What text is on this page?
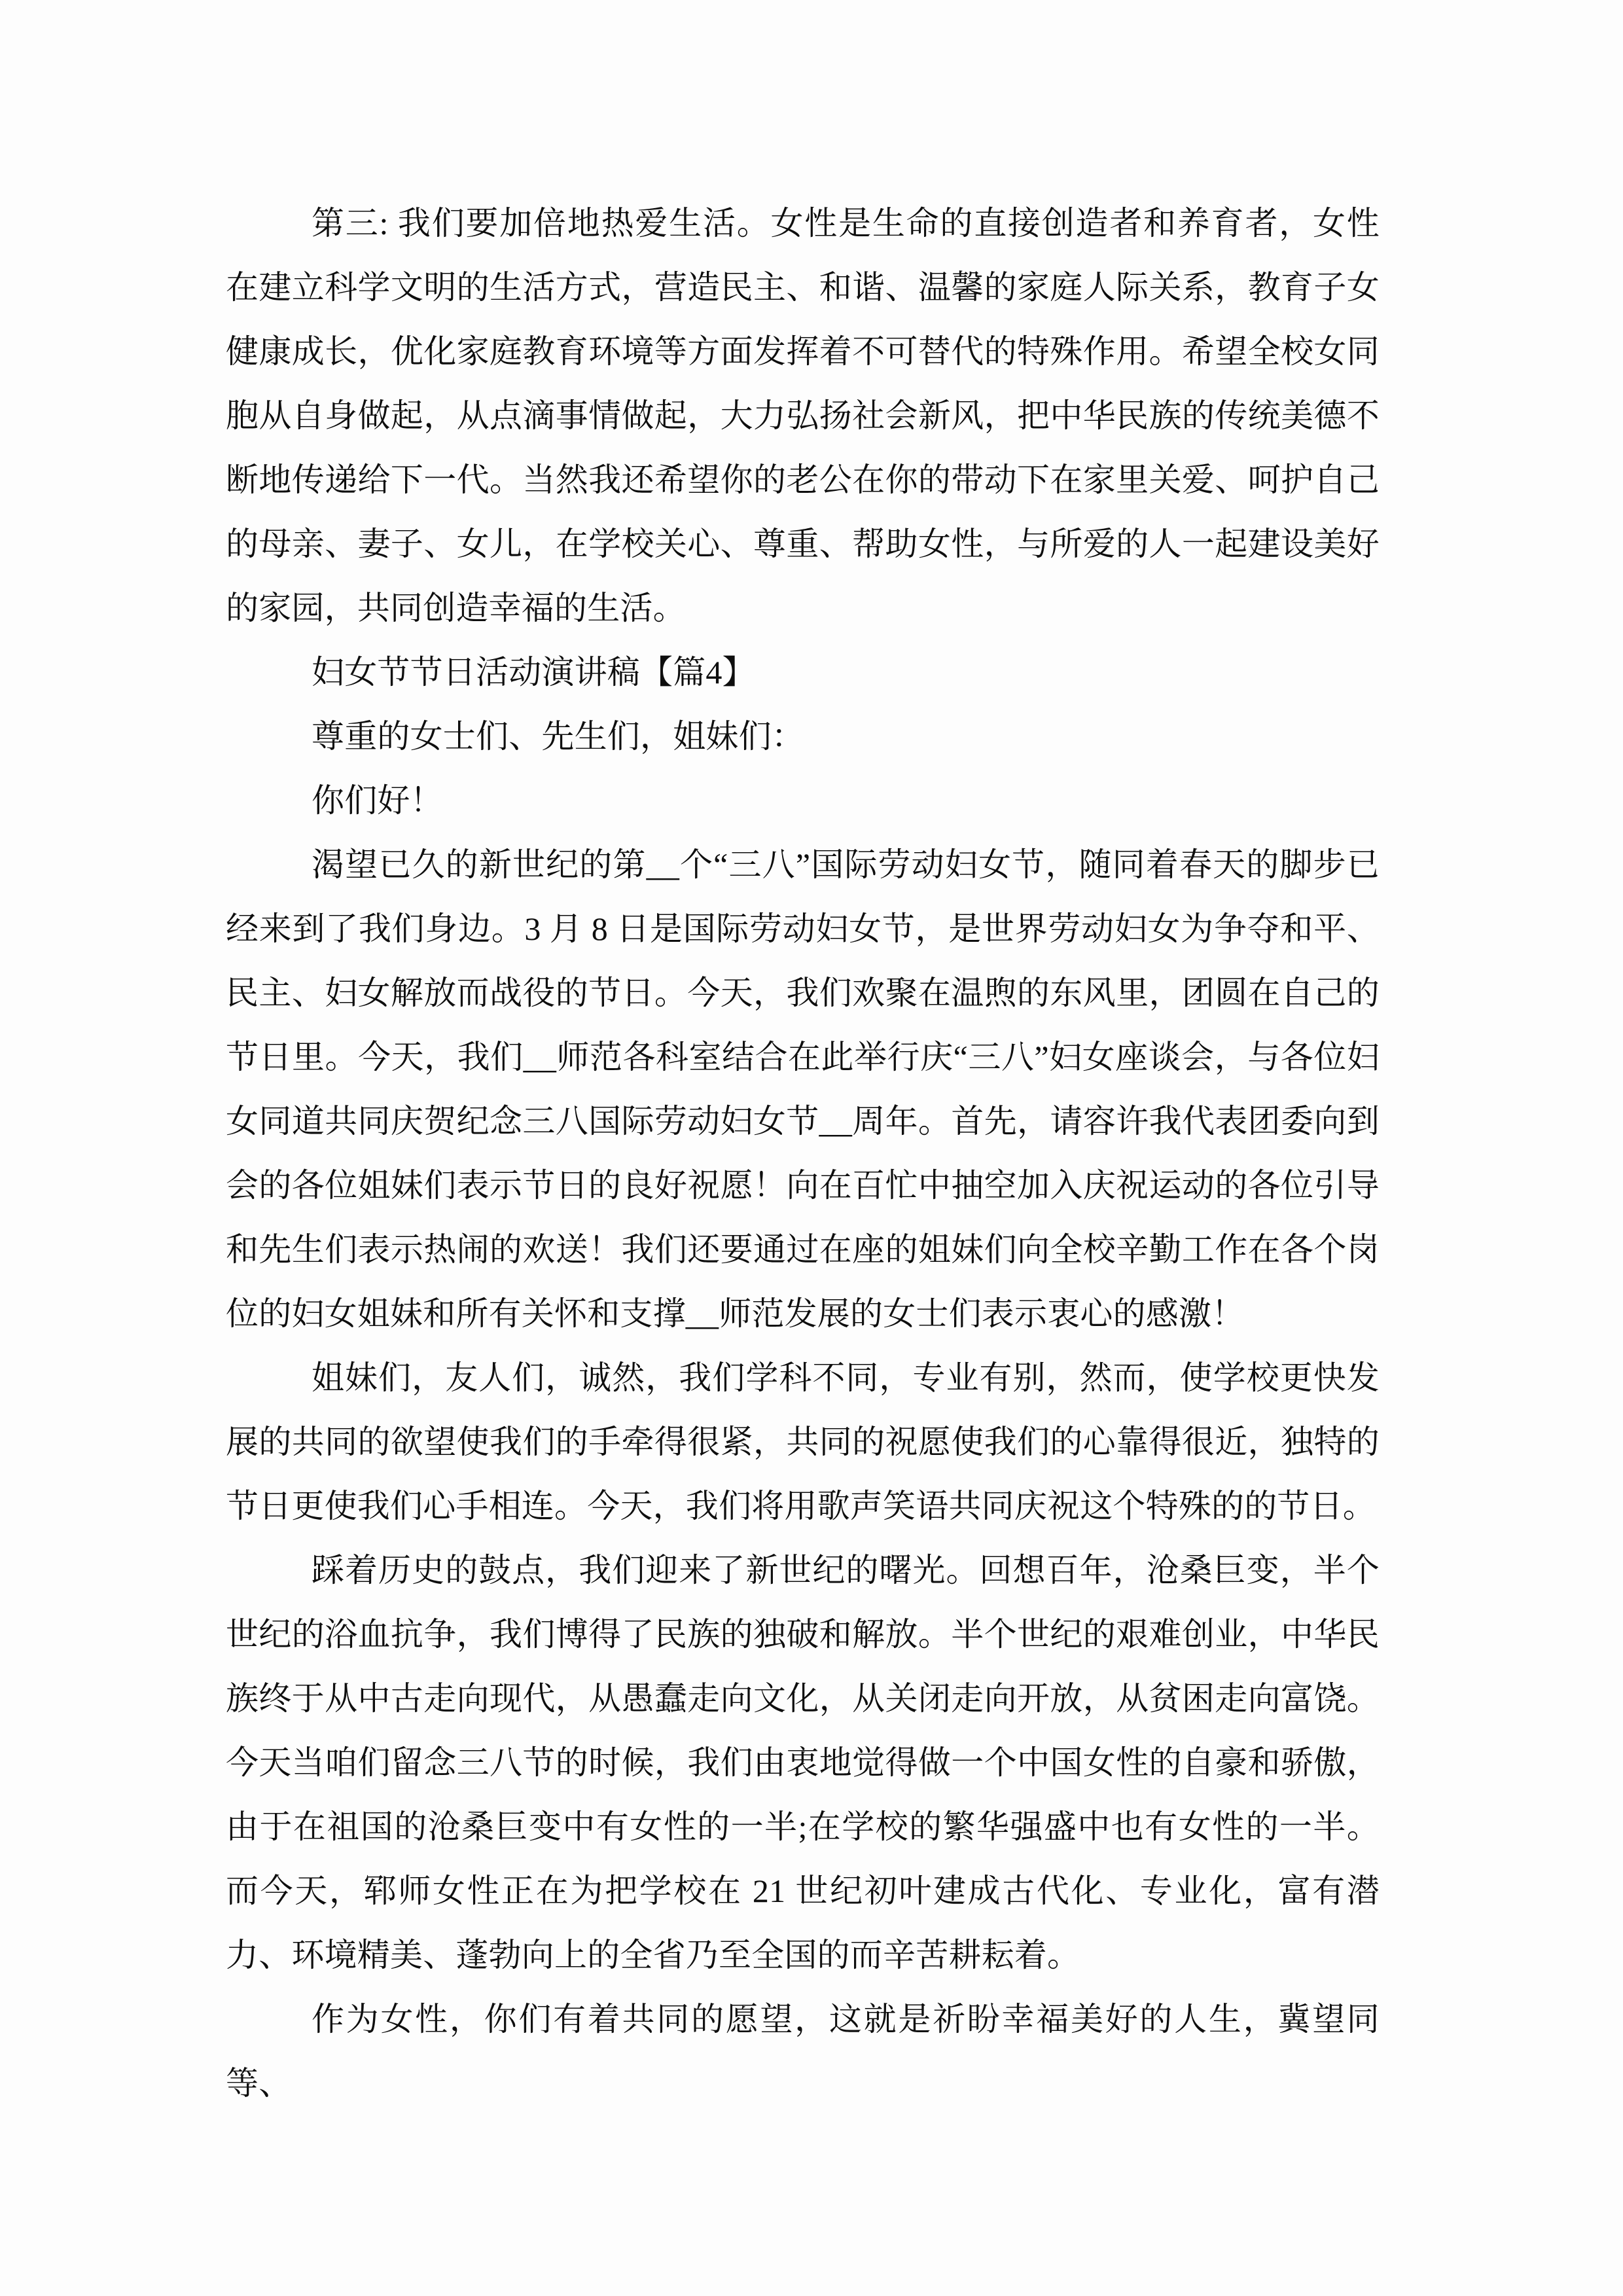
第三: 我们要加倍地热爱生活。女性是生命的直接创造者和养育者，女性在建立科学文明的生活方式，营造民主、和谐、温馨的家庭人际关系，教育子女健康成长，优化家庭教育环境等方面发挥着不可替代的特殊作用。希望全校女同胞从自身做起，从点滴事情做起，大力弘扬社会新风，把中华民族的传统美德不断地传递给下一代。当然我还希望你的老公在你的带动下在家里关爱、呵护自己的母亲、妻子、女儿，在学校关心、尊重、帮助女性，与所爱的人一起建设美好的家园，共同创造幸福的生活。

妇女节节日活动演讲稿【篇4】

尊重的女士们、先生们，姐妹们：

你们好！

渴望已久的新世纪的第__个“三八”国际劳动妇女节，随同着春天的脚步已经来到了我们身边。3 月 8 日是国际劳动妇女节，是世界劳动妇女为争夺和平、民主、妇女解放而战役的节日。今天，我们欢聚在温煦的东风里，团圆在自己的节日里。今天，我们__师范各科室结合在此举行庆“三八”妇女座谈会，与各位妇女同道共同庆贺纪念三八国际劳动妇女节__周年。首先，请容许我代表团委向到会的各位姐妹们表示节日的良好祝愿！向在百忙中抽空加入庆祝运动的各位引导和先生们表示热闹的欢送！我们还要通过在座的姐妹们向全校辛勤工作在各个岗位的妇女姐妹和所有关怀和支撑__师范发展的女士们表示衷心的感激！

姐妹们，友人们，诚然，我们学科不同，专业有别，然而，使学校更快发展的共同的欲望使我们的手牵得很紧，共同的祝愿使我们的心靠得很近，独特的节日更使我们心手相连。今天，我们将用歌声笑语共同庆祝这个特殊的的节日。

踩着历史的鼓点，我们迎来了新世纪的曙光。回想百年，沧桑巨变，半个世纪的浴血抗争，我们博得了民族的独破和解放。半个世纪的艰难创业，中华民族终于从中古走向现代，从愚蠢走向文化，从关闭走向开放，从贫困走向富饶。今天当咱们留念三八节的时候，我们由衷地觉得做一个中国女性的自豪和骄傲，由于在祖国的沧桑巨变中有女性的一半;在学校的繁华强盛中也有女性的一半。而今天，郓师女性正在为把学校在 21 世纪初叶建成古代化、专业化，富有潜力、环境精美、蓬勃向上的全省乃至全国的而辛苦耕耘着。

作为女性，你们有着共同的愿望，这就是祈盼幸福美好的人生，冀望同等、
